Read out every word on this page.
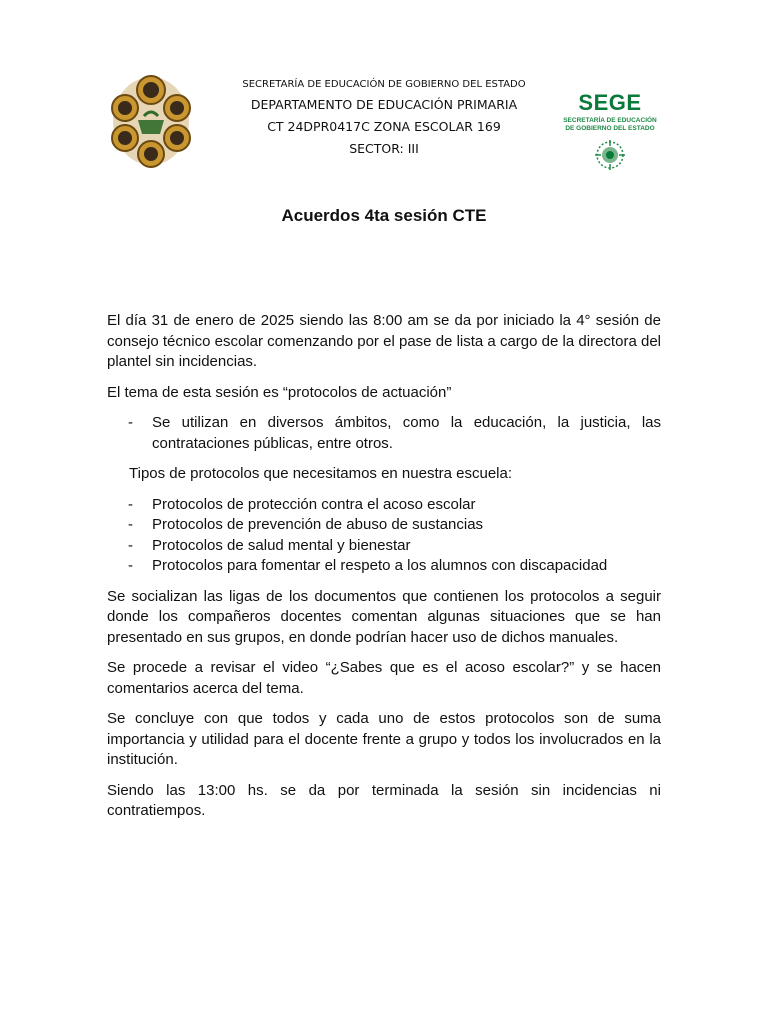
SECRETARÍA DE EDUCACIÓN DE GOBIERNO DEL ESTADO
DEPARTAMENTO DE EDUCACIÓN PRIMARIA
CT 24DPR0417C ZONA ESCOLAR 169
SECTOR: III
SEGE
SECRETARÍA DE EDUCACIÓN
DE GOBIERNO DEL ESTADO
Acuerdos 4ta sesión CTE

El día 31 de enero de 2025 siendo las 8:00 am se da por iniciado la 4° sesión de consejo técnico escolar comenzando por el pase de lista a cargo de la directora del plantel sin incidencias.

El tema de esta sesión es “protocolos de actuación”

- Se utilizan en diversos ámbitos, como la educación, la justicia, las contrataciones públicas, entre otros.

Tipos de protocolos que necesitamos en nuestra escuela:

- Protocolos de protección contra el acoso escolar
- Protocolos de prevención de abuso de sustancias
- Protocolos de salud mental y bienestar
- Protocolos para fomentar el respeto a los alumnos con discapacidad

Se socializan las ligas de los documentos que contienen los protocolos a seguir donde los compañeros docentes comentan algunas situaciones que se han presentado en sus grupos, en donde podrían hacer uso de dichos manuales.

Se procede a revisar el video “¿Sabes que es el acoso escolar?” y se hacen comentarios acerca del tema.

Se concluye con que todos y cada uno de estos protocolos son de suma importancia y utilidad para el docente frente a grupo y todos los involucrados en la institución.

Siendo las 13:00 hs. se da por terminada la sesión sin incidencias ni contratiempos.
